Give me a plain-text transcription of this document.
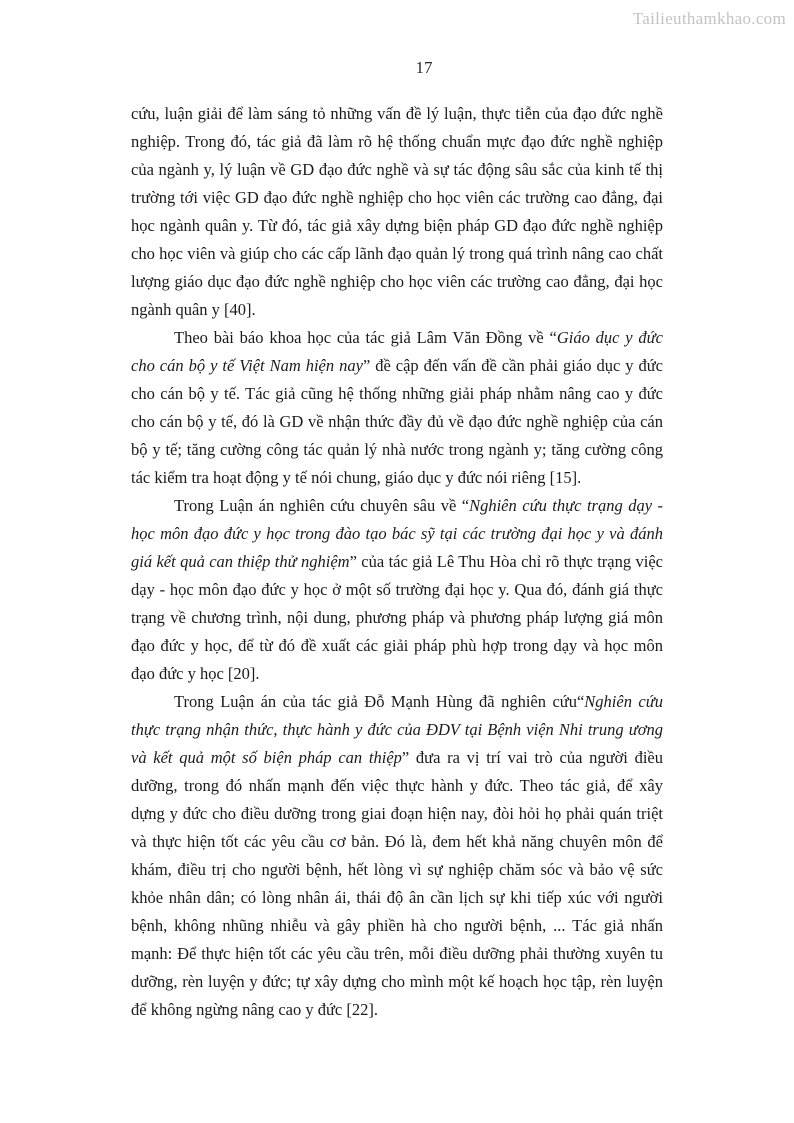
Tailieuthamkhao.com
17

cứu, luận giải để làm sáng tỏ những vấn đề lý luận, thực tiễn của đạo đức nghề nghiệp. Trong đó, tác giả đã làm rõ hệ thống chuẩn mực đạo đức nghề nghiệp của ngành y, lý luận về GD đạo đức nghề và sự tác động sâu sắc của kinh tế thị trường tới việc GD đạo đức nghề nghiệp cho học viên các trường cao đẳng, đại học ngành quân y. Từ đó, tác giả xây dựng biện pháp GD đạo đức nghề nghiệp cho học viên và giúp cho các cấp lãnh đạo quản lý trong quá trình nâng cao chất lượng giáo dục đạo đức nghề nghiệp cho học viên các trường cao đẳng, đại học ngành quân y [40].

Theo bài báo khoa học của tác giả Lâm Văn Đồng về “Giáo dục y đức cho cán bộ y tế Việt Nam hiện nay” đề cập đến vấn đề cần phải giáo dục y đức cho cán bộ y tế. Tác giả cũng hệ thống những giải pháp nhằm nâng cao y đức cho cán bộ y tế, đó là GD về nhận thức đầy đủ về đạo đức nghề nghiệp của cán bộ y tế; tăng cường công tác quản lý nhà nước trong ngành y; tăng cường công tác kiểm tra hoạt động y tế nói chung, giáo dục y đức nói riêng [15].

Trong Luận án nghiên cứu chuyên sâu về “Nghiên cứu thực trạng dạy - học môn đạo đức y học trong đào tạo bác sỹ tại các trường đại học y và đánh giá kết quả can thiệp thử nghiệm” của tác giả Lê Thu Hòa chỉ rõ thực trạng việc dạy - học môn đạo đức y học ở một số trường đại học y. Qua đó, đánh giá thực trạng về chương trình, nội dung, phương pháp và phương pháp lượng giá môn đạo đức y học, để từ đó đề xuất các giải pháp phù hợp trong dạy và học môn đạo đức y học [20].

Trong Luận án của tác giả Đỗ Mạnh Hùng đã nghiên cứu“Nghiên cứu thực trạng nhận thức, thực hành y đức của ĐDV tại Bệnh viện Nhi trung ương và kết quả một số biện pháp can thiệp” đưa ra vị trí vai trò của người điều dưỡng, trong đó nhấn mạnh đến việc thực hành y đức. Theo tác giả, để xây dựng y đức cho điều dưỡng trong giai đoạn hiện nay, đòi hỏi họ phải quán triệt và thực hiện tốt các yêu cầu cơ bản. Đó là, đem hết khả năng chuyên môn để khám, điều trị cho người bệnh, hết lòng vì sự nghiệp chăm sóc và bảo vệ sức khỏe nhân dân; có lòng nhân ái, thái độ ân cần lịch sự khi tiếp xúc với người bệnh, không nhũng nhiễu và gây phiền hà cho người bệnh, ... Tác giả nhấn mạnh: Để thực hiện tốt các yêu cầu trên, mỗi điều dưỡng phải thường xuyên tu dưỡng, rèn luyện y đức; tự xây dựng cho mình một kế hoạch học tập, rèn luyện để không ngừng nâng cao y đức [22].
